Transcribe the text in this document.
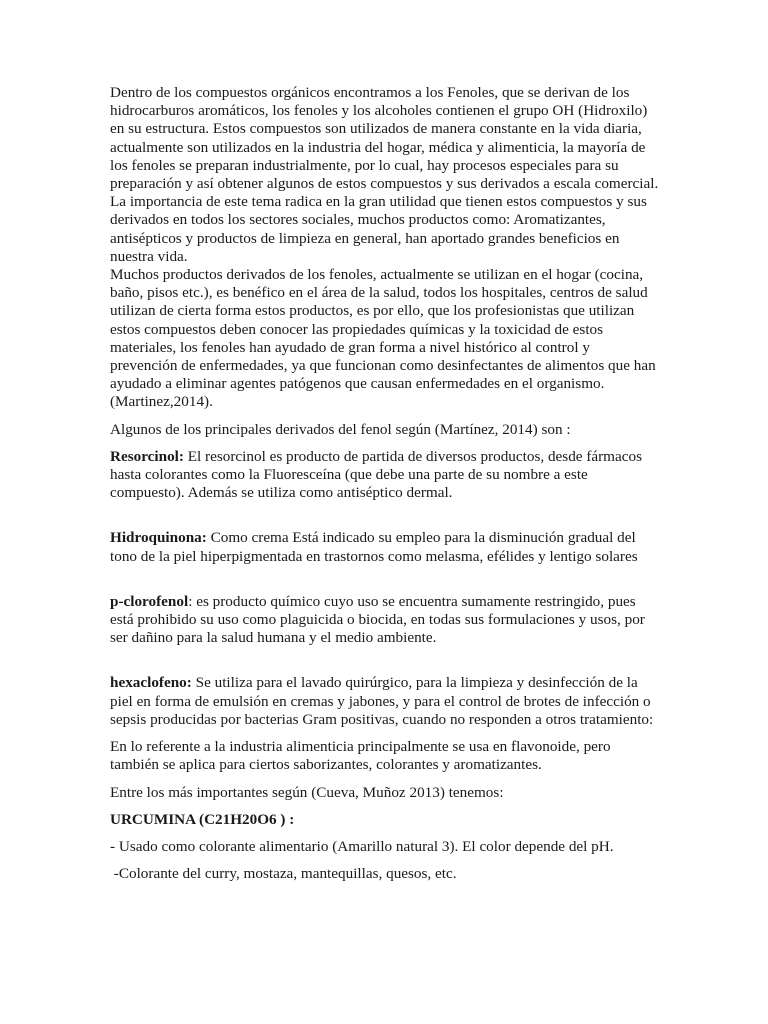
Dentro de los compuestos orgánicos encontramos a los Fenoles, que se derivan de los hidrocarburos aromáticos, los fenoles y los alcoholes contienen el grupo OH (Hidroxilo) en su estructura. Estos compuestos son utilizados de manera constante en la vida diaria, actualmente son utilizados en la industria del hogar, médica y alimenticia, la mayoría de los fenoles se preparan industrialmente, por lo cual, hay procesos especiales para su preparación y así obtener algunos de estos compuestos y sus derivados a escala comercial.

La importancia de este tema radica en la gran utilidad que tienen estos compuestos y sus derivados en todos los sectores sociales, muchos productos como: Aromatizantes, antisépticos y productos de limpieza en general, han aportado grandes beneficios en nuestra vida.

Muchos productos derivados de los fenoles, actualmente se utilizan en el hogar (cocina, baño, pisos etc.), es benéfico en el área de la salud, todos los hospitales, centros de salud utilizan de cierta forma estos productos, es por ello, que los profesionistas que utilizan estos compuestos deben conocer las propiedades químicas y la toxicidad de estos materiales, los fenoles han ayudado de gran forma a nivel histórico al control y prevención de enfermedades, ya que funcionan como desinfectantes de alimentos que han ayudado a eliminar agentes patógenos que causan enfermedades en el organismo.(Martinez,2014).

Algunos de los principales derivados del fenol según (Martínez, 2014) son :

Resorcinol: El resorcinol es producto de partida de diversos productos, desde fármacos hasta colorantes como la Fluoresceína (que debe una parte de su nombre a este compuesto). Además se utiliza como antiséptico dermal.

Hidroquinona: Como crema Está indicado su empleo para la disminución gradual del tono de la piel hiperpigmentada en trastornos como melasma, efélides y lentigo solares

p-clorofenol: es producto químico cuyo uso se encuentra sumamente restringido, pues está prohibido su uso como plaguicida o biocida, en todas sus formulaciones y usos, por ser dañino para la salud humana y el medio ambiente.

hexaclofeno: Se utiliza para el lavado quirúrgico, para la limpieza y desinfección de la piel en forma de emulsión en cremas y jabones, y para el control de brotes de infección o sepsis producidas por bacterias Gram positivas, cuando no responden a otros tratamiento:

En lo referente a la industria alimenticia principalmente se usa en flavonoide, pero también se aplica para ciertos saborizantes, colorantes y aromatizantes.

Entre los más importantes según (Cueva, Muñoz 2013) tenemos:

URCUMINA (C21H20O6 ) :

- Usado como colorante alimentario (Amarillo natural 3). El color depende del pH.

-Colorante del curry, mostaza, mantequillas, quesos, etc.
